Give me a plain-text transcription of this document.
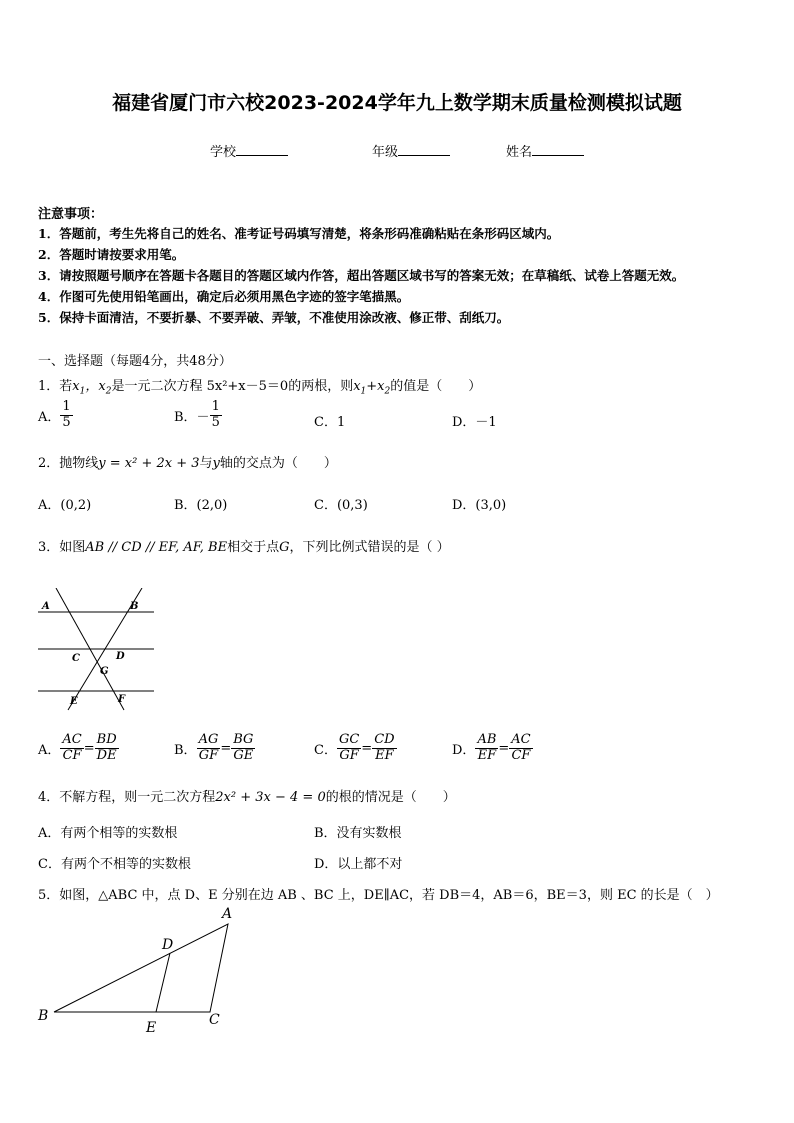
福建省厦门市六校2023-2024学年九上数学期末质量检测模拟试题
学校	年级	姓名
注意事项：
1．答题前，考生先将自己的姓名、准考证号码填写清楚，将条形码准确粘贴在条形码区域内。
2．答题时请按要求用笔。
3．请按照题号顺序在答题卡各题目的答题区域内作答，超出答题区域书写的答案无效；在草稿纸、试卷上答题无效。
4．作图可先使用铅笔画出，确定后必须用黑色字迹的签字笔描黑。
5．保持卡面清洁，不要折暴、不要弄破、弄皱，不准使用涂改液、修正带、刮纸刀。
一、选择题（每题4分，共48分）
1．若$x_1$，$x_2$是一元二次方程 5x²+x－5＝0的两根，则$x_1+x_2$的值是（　　）
A． $\frac{1}{5}$	B．－ $\frac{1}{5}$	C．1	D．－1
2．抛物线y = x² + 2x + 3与y轴的交点为（　　）
A．(0,2)	B．(2,0)	C．(0,3)	D．(3,0)
3．如图AB // CD // EF, AF, BE相交于点G，下列比例式错误的是（ ）
A	B
C	D
G
E	F
A． $\frac{AC}{CF} = \frac{BD}{DE}$	B． $\frac{AG}{GF} = \frac{BG}{GE}$	C． $\frac{GC}{GF} = \frac{CD}{EF}$	D． $\frac{AB}{EF} = \frac{AC}{CF}$
4．不解方程，则一元二次方程2x² + 3x − 4 = 0的根的情况是（　　）
A．有两个相等的实数根	B．没有实数根
C．有两个不相等的实数根	D．以上都不对
5．如图，△ABC 中，点 D、E 分别在边 AB 、BC 上，DE∥AC，若 DB＝4，AB＝6，BE＝3，则 EC 的长是（　）
A
D
B
E	C
